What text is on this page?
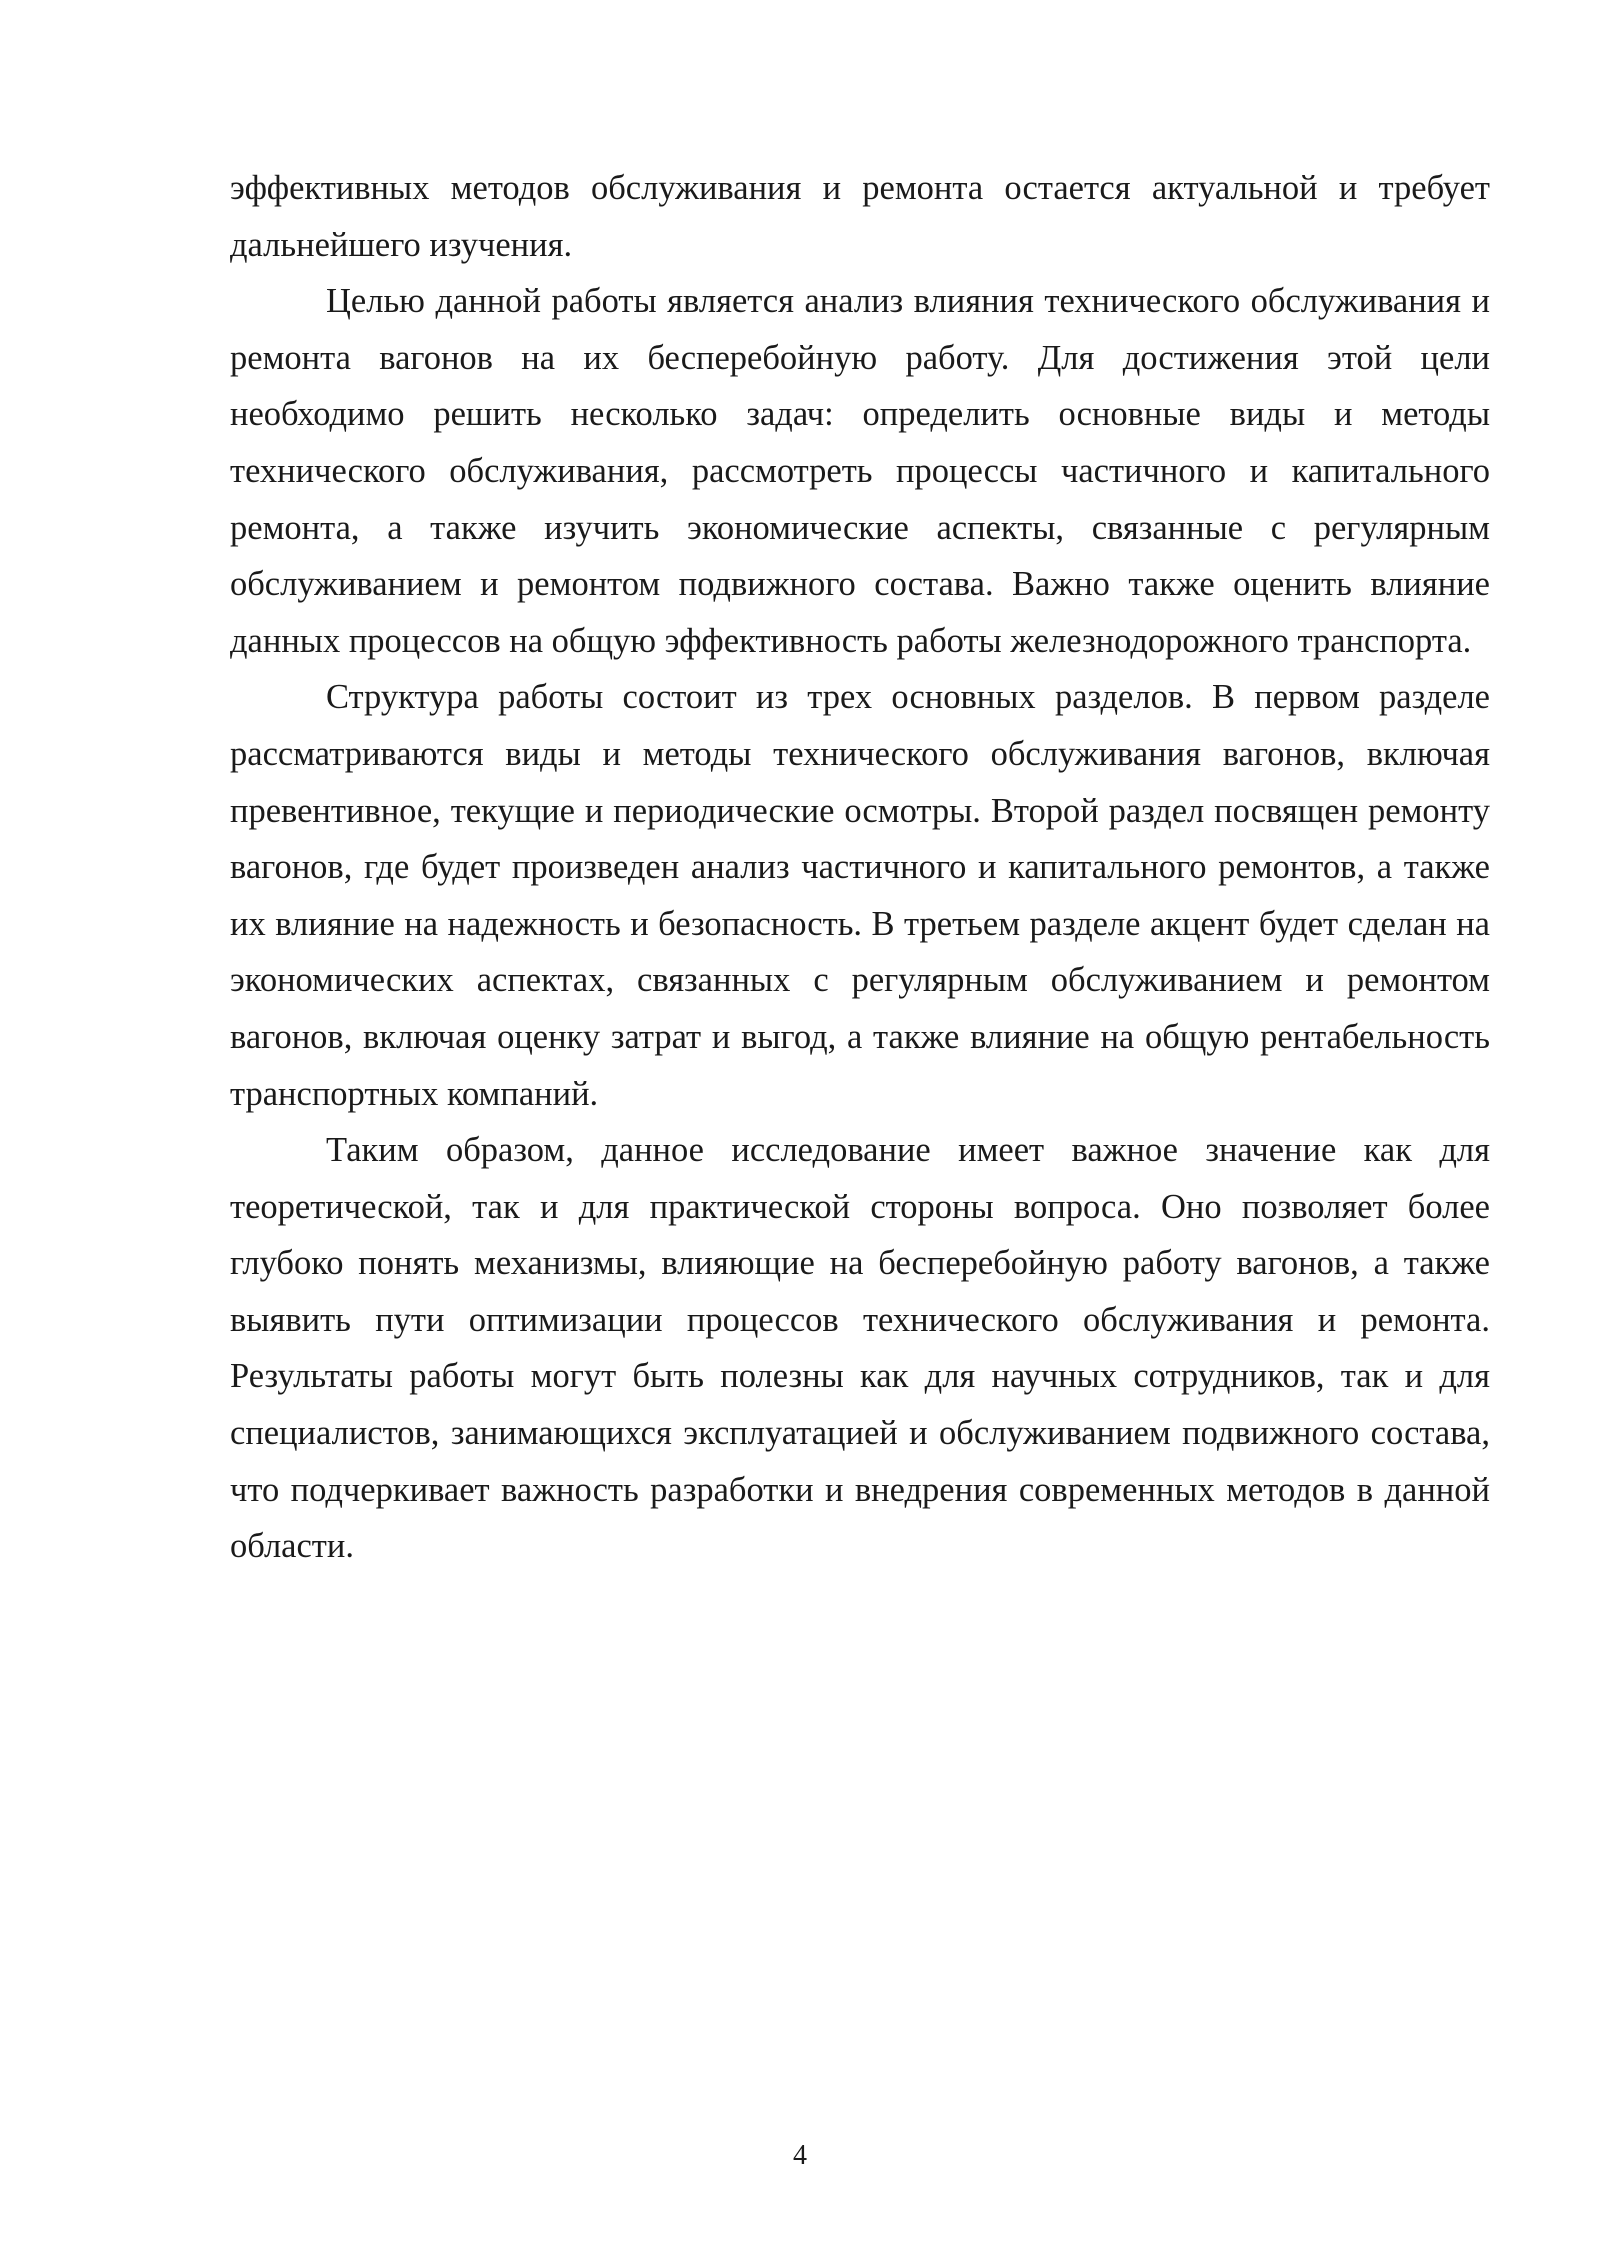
эффективных методов обслуживания и ремонта остается актуальной и требует дальнейшего изучения.

Целью данной работы является анализ влияния технического обслуживания и ремонта вагонов на их бесперебойную работу. Для достижения этой цели необходимо решить несколько задач: определить основные виды и методы технического обслуживания, рассмотреть процессы частичного и капитального ремонта, а также изучить экономические аспекты, связанные с регулярным обслуживанием и ремонтом подвижного состава. Важно также оценить влияние данных процессов на общую эффективность работы железнодорожного транспорта.

Структура работы состоит из трех основных разделов. В первом разделе рассматриваются виды и методы технического обслуживания вагонов, включая превентивное, текущие и периодические осмотры. Второй раздел посвящен ремонту вагонов, где будет произведен анализ частичного и капитального ремонтов, а также их влияние на надежность и безопасность. В третьем разделе акцент будет сделан на экономических аспектах, связанных с регулярным обслуживанием и ремонтом вагонов, включая оценку затрат и выгод, а также влияние на общую рентабельность транспортных компаний.

Таким образом, данное исследование имеет важное значение как для теоретической, так и для практической стороны вопроса. Оно позволяет более глубоко понять механизмы, влияющие на бесперебойную работу вагонов, а также выявить пути оптимизации процессов технического обслуживания и ремонта. Результаты работы могут быть полезны как для научных сотрудников, так и для специалистов, занимающихся эксплуатацией и обслуживанием подвижного состава, что подчеркивает важность разработки и внедрения современных методов в данной области.

4
